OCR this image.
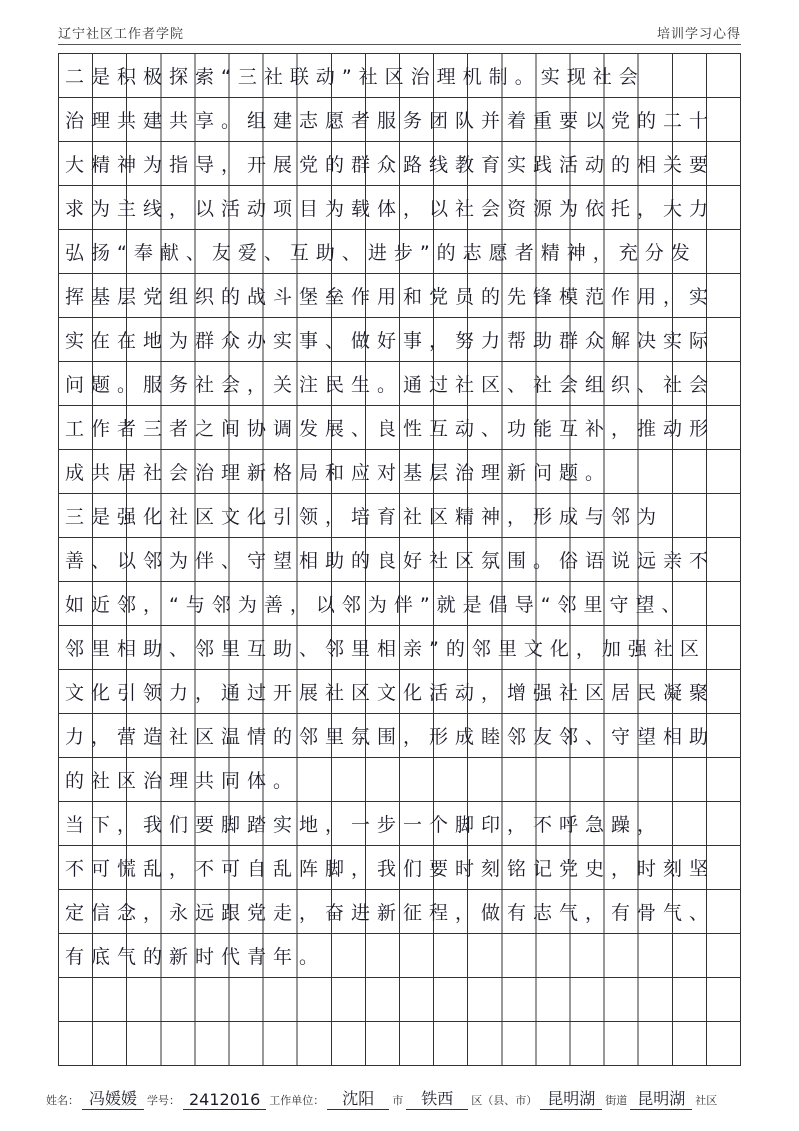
辽宁社区工作者学院	培训学习心得
二是积极探索“三社联动”社区治理机制。实现社会
治理共建共享。组建志愿者服务团队并着重要以党的二十
大精神为指导，开展党的群众路线教育实践活动的相关要
求为主线，以活动项目为载体，以社会资源为依托，大力
弘扬“奉献、友爱、互助、进步”的志愿者精神，充分发
挥基层党组织的战斗堡垒作用和党员的先锋模范作用，实
实在在地为群众办实事、做好事，努力帮助群众解决实际
问题。服务社会，关注民生。通过社区、社会组织、社会
工作者三者之间协调发展、良性互动、功能互补，推动形
成共居社会治理新格局和应对基层治理新问题。
三是强化社区文化引领，培育社区精神，形成与邻为
善、以邻为伴、守望相助的良好社区氛围。俗语说远亲不
如近邻，“与邻为善，以邻为伴”就是倡导“邻里守望、
邻里相助、邻里互助、邻里相亲”的邻里文化，加强社区
文化引领力，通过开展社区文化活动，增强社区居民凝聚
力，营造社区温情的邻里氛围，形成睦邻友邻、守望相助
的社区治理共同体。
当下，我们要脚踏实地，一步一个脚印，不呼急躁，
不可慌乱，不可自乱阵脚，我们要时刻铭记党史，时刻坚
定信念，永远跟党走，奋进新征程，做有志气，有骨气、
有底气的新时代青年。
姓名： 冯媛媛 学号： 2412016 工作单位：	沈阳	市	铁西	区（县、市） 昆明湖 街道 昆明湖 社区
